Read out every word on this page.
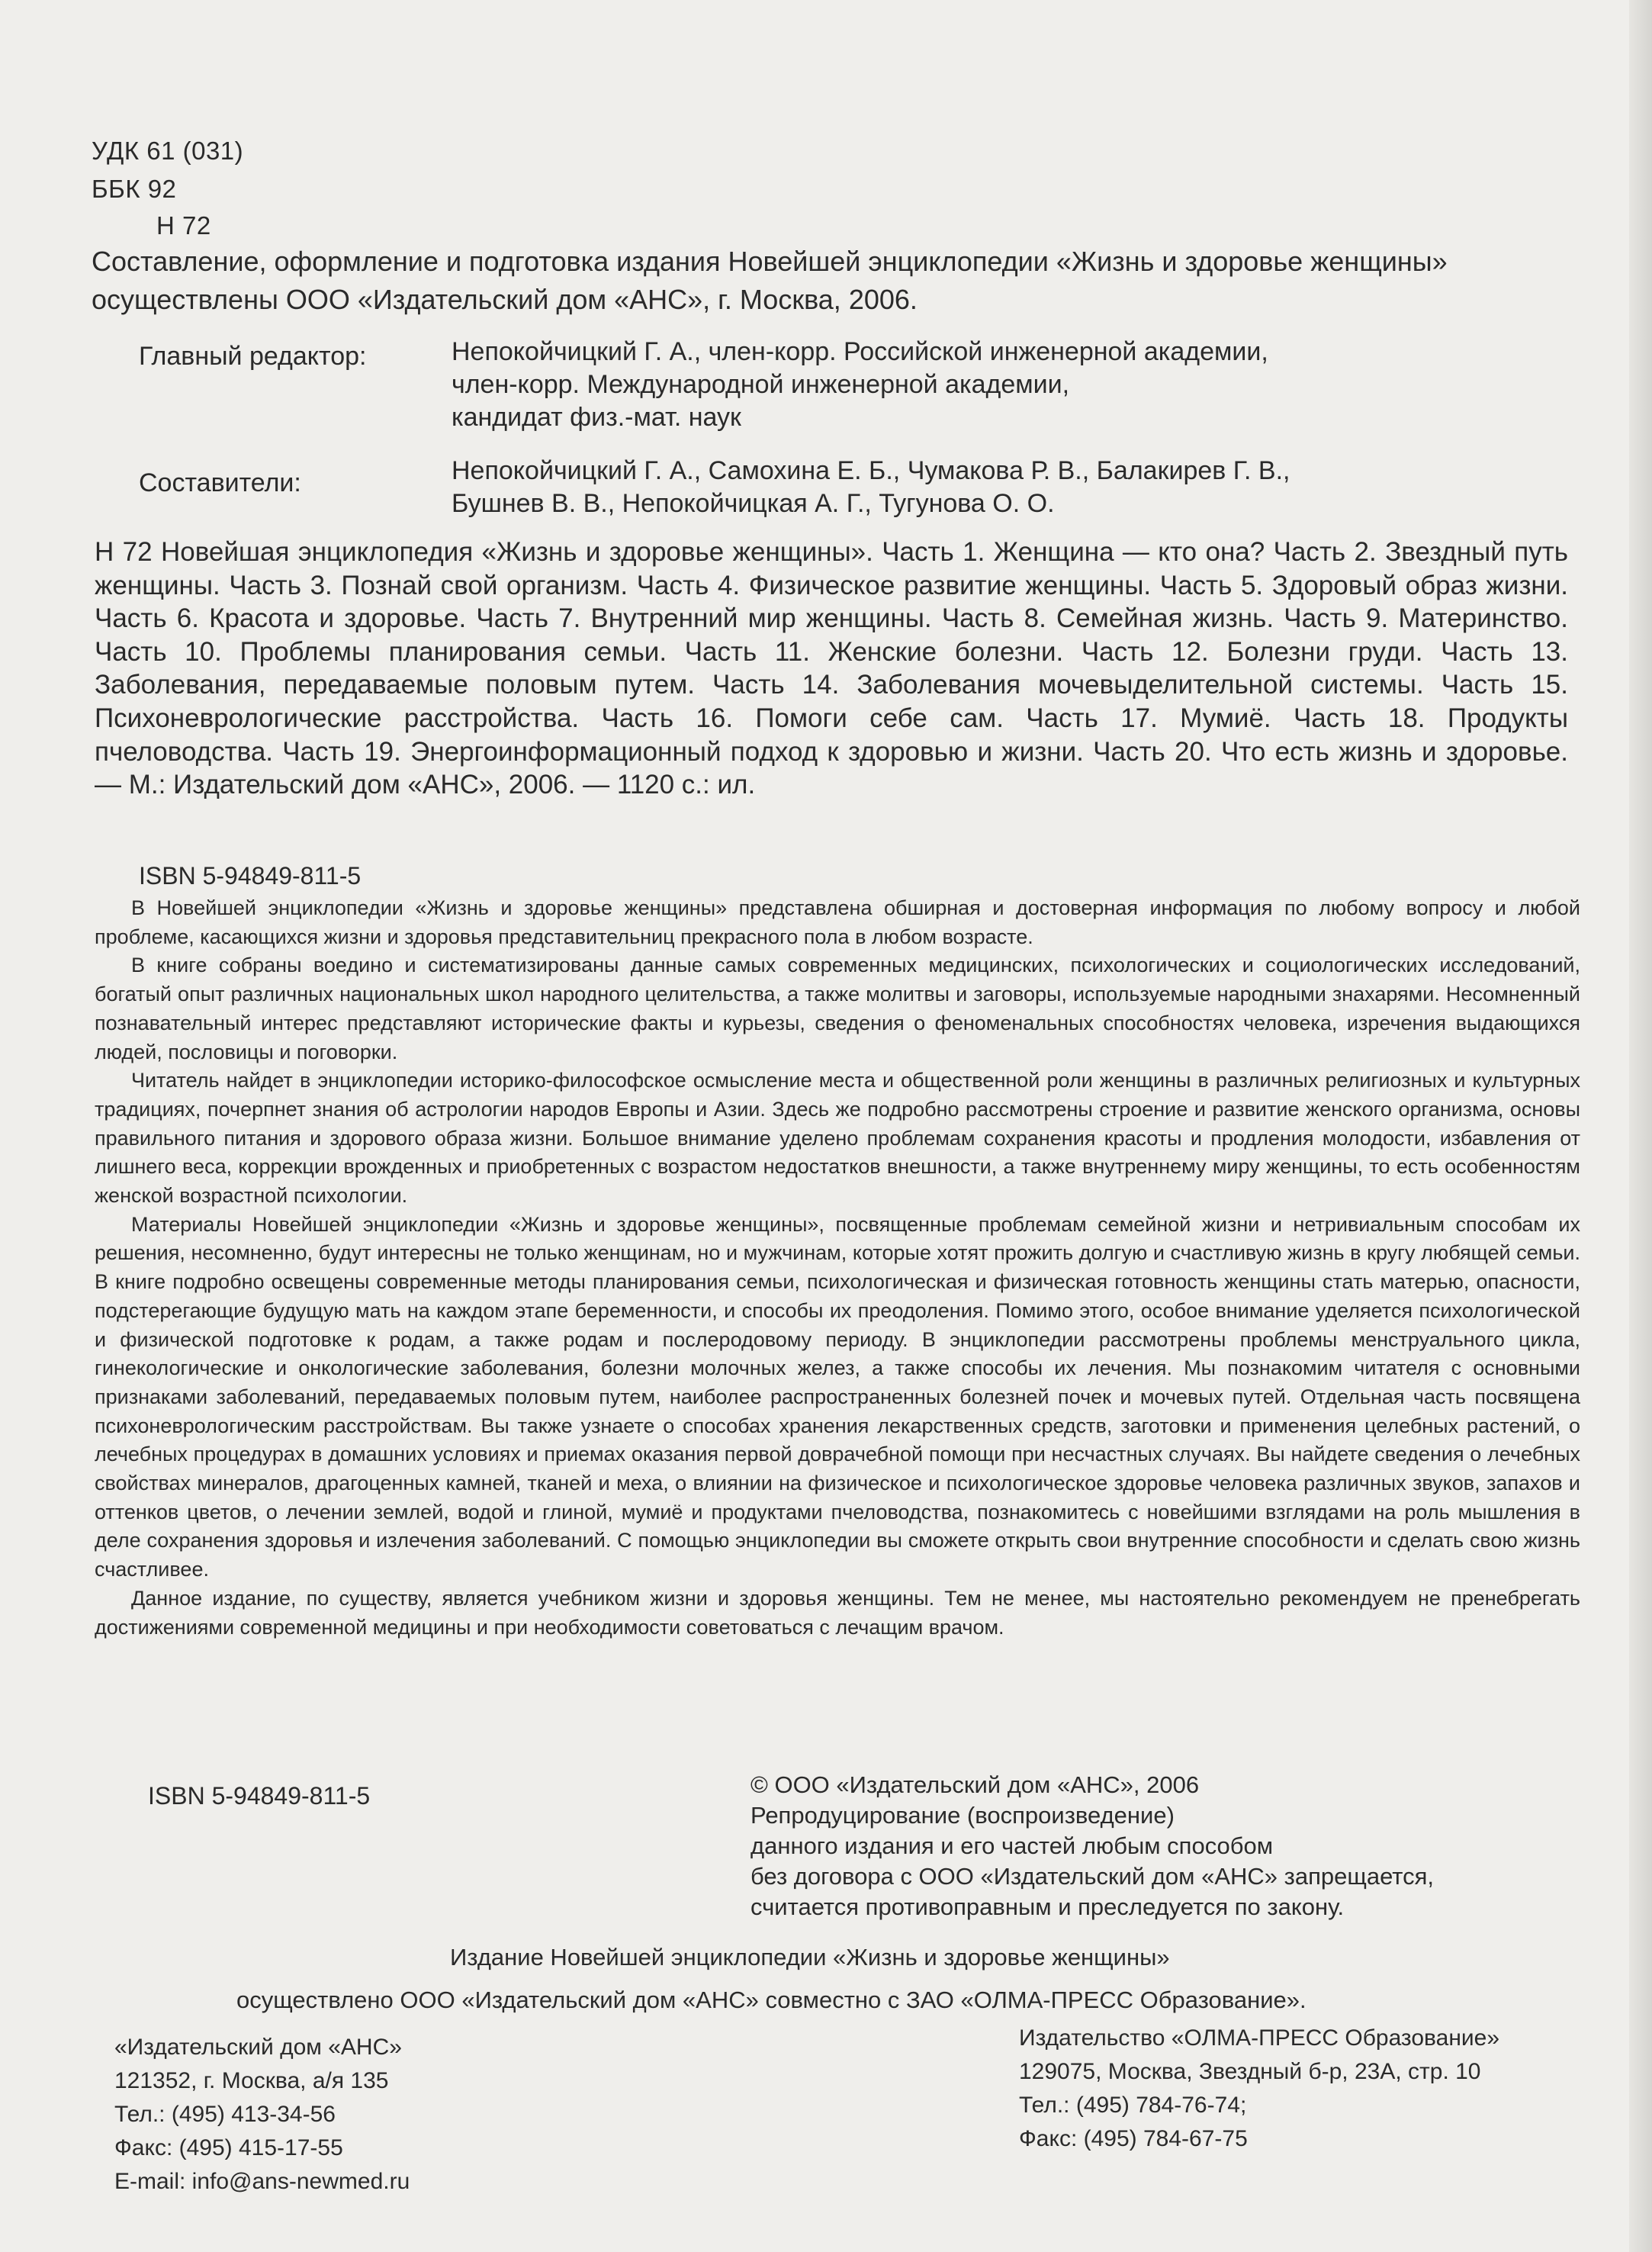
УДК 61 (031)
ББК 92
Н 72
Составление, оформление и подготовка издания Новейшей энциклопедии «Жизнь и здоровье женщины» осуществлены ООО «Издательский дом «АНС», г. Москва, 2006.
Главный редактор:	Непокойчицкий Г. А., член-корр. Российской инженерной академии,
член-корр. Международной инженерной академии,
кандидат физ.-мат. наук
Составители:	Непокойчицкий Г. А., Самохина Е. Б., Чумакова Р. В., Балакирев Г. В.,
Бушнев В. В., Непокойчицкая А. Г., Тугунова О. О.
Н 72 Новейшая энциклопедия «Жизнь и здоровье женщины». Часть 1. Женщина — кто она? Часть 2. Звездный путь женщины. Часть 3. Познай свой организм. Часть 4. Физическое развитие женщины. Часть 5. Здоровый образ жизни. Часть 6. Красота и здоровье. Часть 7. Внутренний мир женщины. Часть 8. Семейная жизнь. Часть 9. Материнство. Часть 10. Проблемы планирования семьи. Часть 11. Женские болезни. Часть 12. Болезни груди. Часть 13. Заболевания, передаваемые половым путем. Часть 14. Заболевания мочевыделительной системы. Часть 15. Психоневрологические расстройства. Часть 16. Помоги себе сам. Часть 17. Мумиё. Часть 18. Продукты пчеловодства. Часть 19. Энергоинформационный подход к здоровью и жизни. Часть 20. Что есть жизнь и здоровье. — М.: Издательский дом «АНС», 2006. — 1120 с.: ил.
ISBN 5-94849-811-5

В Новейшей энциклопедии «Жизнь и здоровье женщины» представлена обширная и достоверная информация по любому вопросу и любой проблеме, касающихся жизни и здоровья представительниц прекрасного пола в любом возрасте.

В книге собраны воедино и систематизированы данные самых современных медицинских, психологических и социологических исследований, богатый опыт различных национальных школ народного целительства, а также молитвы и заговоры, используемые народными знахарями. Несомненный познавательный интерес представляют исторические факты и курьезы, сведения о феноменальных способностях человека, изречения выдающихся людей, пословицы и поговорки.

Читатель найдет в энциклопедии историко-философское осмысление места и общественной роли женщины в различных религиозных и культурных традициях, почерпнет знания об астрологии народов Европы и Азии. Здесь же подробно рассмотрены строение и развитие женского организма, основы правильного питания и здорового образа жизни. Большое внимание уделено проблемам сохранения красоты и продления молодости, избавления от лишнего веса, коррекции врожденных и приобретенных с возрастом недостатков внешности, а также внутреннему миру женщины, то есть особенностям женской возрастной психологии.

Материалы Новейшей энциклопедии «Жизнь и здоровье женщины», посвященные проблемам семейной жизни и нетривиальным способам их решения, несомненно, будут интересны не только женщинам, но и мужчинам, которые хотят прожить долгую и счастливую жизнь в кругу любящей семьи. В книге подробно освещены современные методы планирования семьи, психологическая и физическая готовность женщины стать матерью, опасности, подстерегающие будущую мать на каждом этапе беременности, и способы их преодоления. Помимо этого, особое внимание уделяется психологической и физической подготовке к родам, а также родам и послеродовому периоду. В энциклопедии рассмотрены проблемы менструального цикла, гинекологические и онкологические заболевания, болезни молочных желез, а также способы их лечения. Мы познакомим читателя с основными признаками заболеваний, передаваемых половым путем, наиболее распространенных болезней почек и мочевых путей. Отдельная часть посвящена психоневрологическим расстройствам. Вы также узнаете о способах хранения лекарственных средств, заготовки и применения целебных растений, о лечебных процедурах в домашних условиях и приемах оказания первой доврачебной помощи при несчастных случаях. Вы найдете сведения о лечебных свойствах минералов, драгоценных камней, тканей и меха, о влиянии на физическое и психологическое здоровье человека различных звуков, запахов и оттенков цветов, о лечении землей, водой и глиной, мумиё и продуктами пчеловодства, познакомитесь с новейшими взглядами на роль мышления в деле сохранения здоровья и излечения заболеваний. С помощью энциклопедии вы сможете открыть свои внутренние способности и сделать свою жизнь счастливее.

Данное издание, по существу, является учебником жизни и здоровья женщины. Тем не менее, мы настоятельно рекомендуем не пренебрегать достижениями современной медицины и при необходимости советоваться с лечащим врачом.

ISBN 5-94849-811-5	© ООО «Издательский дом «АНС», 2006
Репродуцирование (воспроизведение)
данного издания и его частей любым способом
без договора с ООО «Издательский дом «АНС» запрещается,
считается противоправным и преследуется по закону.
Издание Новейшей энциклопедии «Жизнь и здоровье женщины»
осуществлено ООО «Издательский дом «АНС» совместно с ЗАО «ОЛМА-ПРЕСС Образование».
«Издательский дом «АНС»
121352, г. Москва, а/я 135
Тел.: (495) 413-34-56
Факс: (495) 415-17-55
E-mail: info@ans-newmed.ru
Издательство «ОЛМА-ПРЕСС Образование»
129075, Москва, Звездный б-р, 23А, стр. 10
Тел.: (495) 784-76-74;
Факс: (495) 784-67-75
